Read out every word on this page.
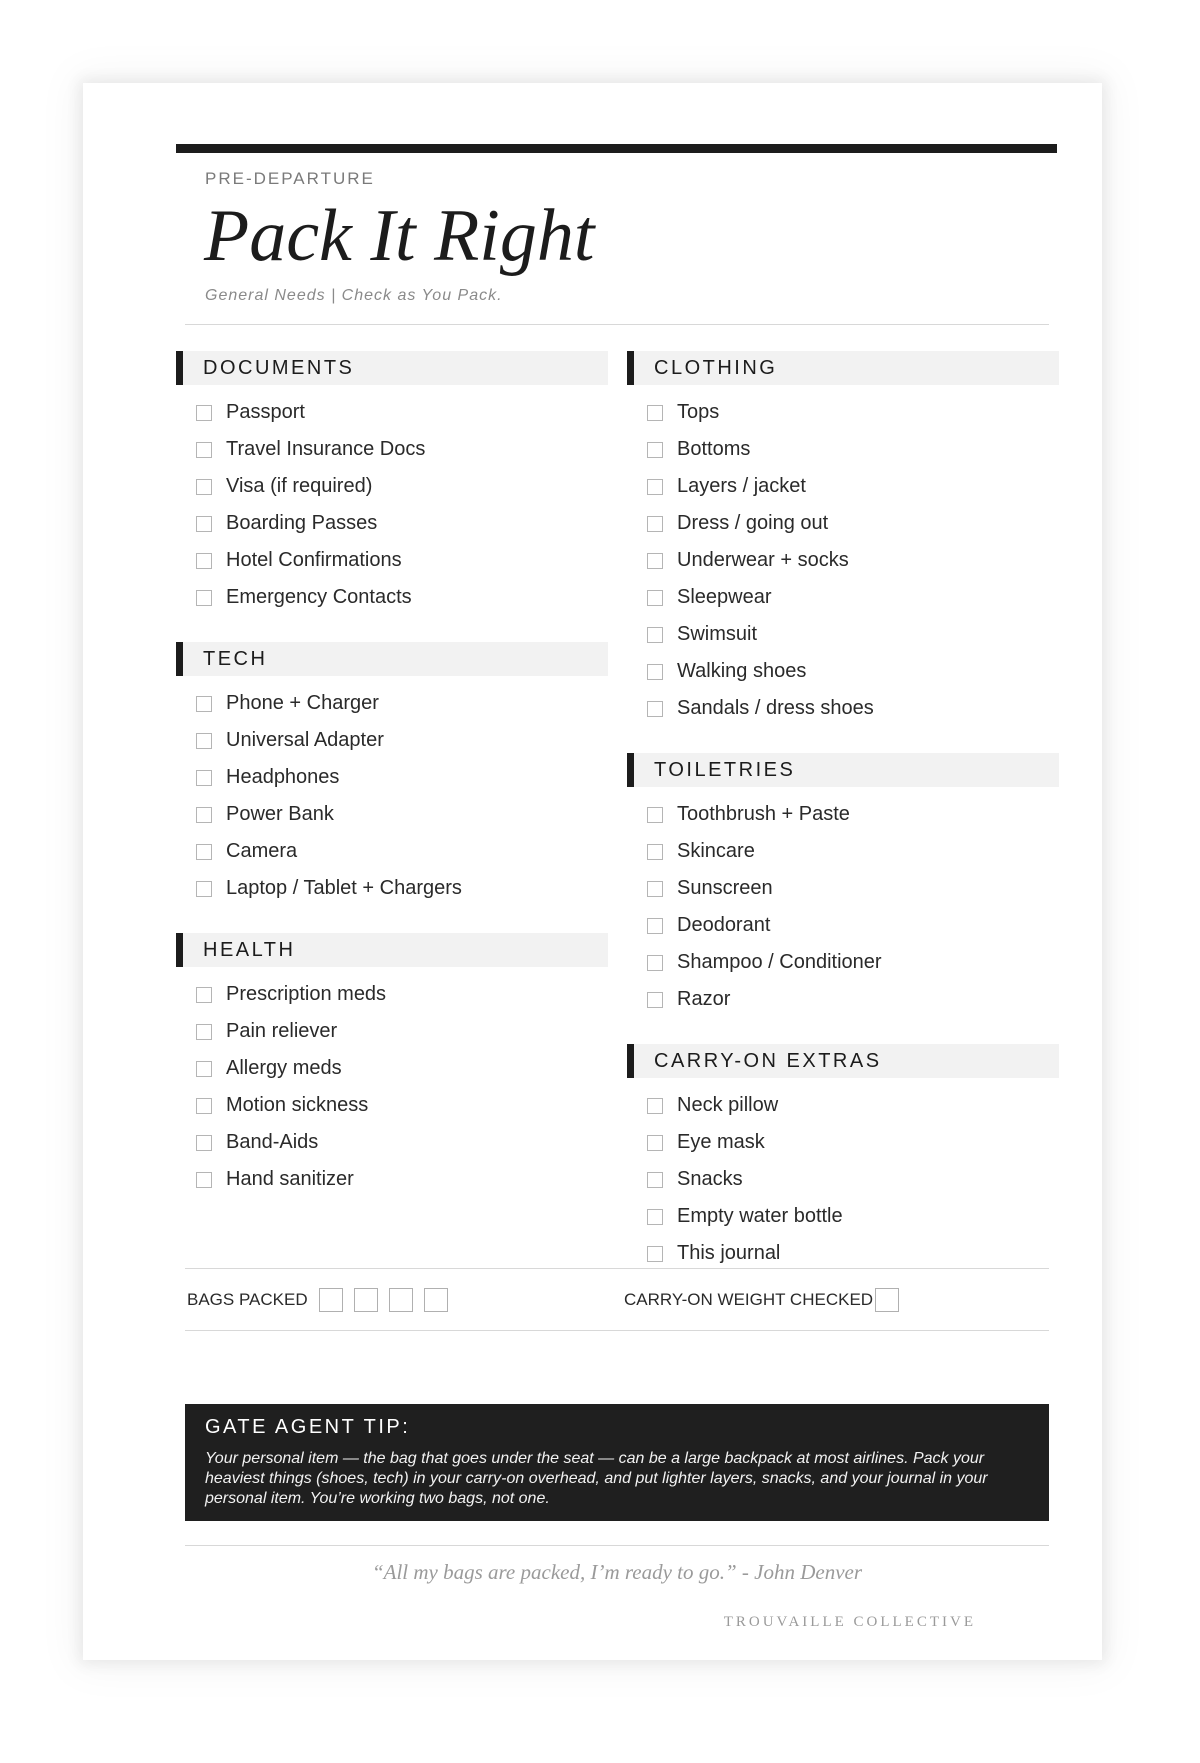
PRE-DEPARTURE
Pack It Right
General Needs | Check as You Pack.
DOCUMENTS
Passport
Travel Insurance Docs
Visa (if required)
Boarding Passes
Hotel Confirmations
Emergency Contacts
TECH
Phone + Charger
Universal Adapter
Headphones
Power Bank
Camera
Laptop / Tablet + Chargers
HEALTH
Prescription meds
Pain reliever
Allergy meds
Motion sickness
Band-Aids
Hand sanitizer
CLOTHING
Tops
Bottoms
Layers / jacket
Dress / going out
Underwear + socks
Sleepwear
Swimsuit
Walking shoes
Sandals / dress shoes
TOILETRIES
Toothbrush + Paste
Skincare
Sunscreen
Deodorant
Shampoo / Conditioner
Razor
CARRY-ON EXTRAS
Neck pillow
Eye mask
Snacks
Empty water bottle
This journal
BAGS PACKED	CARRY-ON WEIGHT CHECKED
GATE AGENT TIP:
Your personal item — the bag that goes under the seat — can be a large backpack at most airlines. Pack your heaviest things (shoes, tech) in your carry-on overhead, and put lighter layers, snacks, and your journal in your personal item. You’re working two bags, not one.
“All my bags are packed, I’m ready to go.” - John Denver
TROUVAILLE COLLECTIVE
